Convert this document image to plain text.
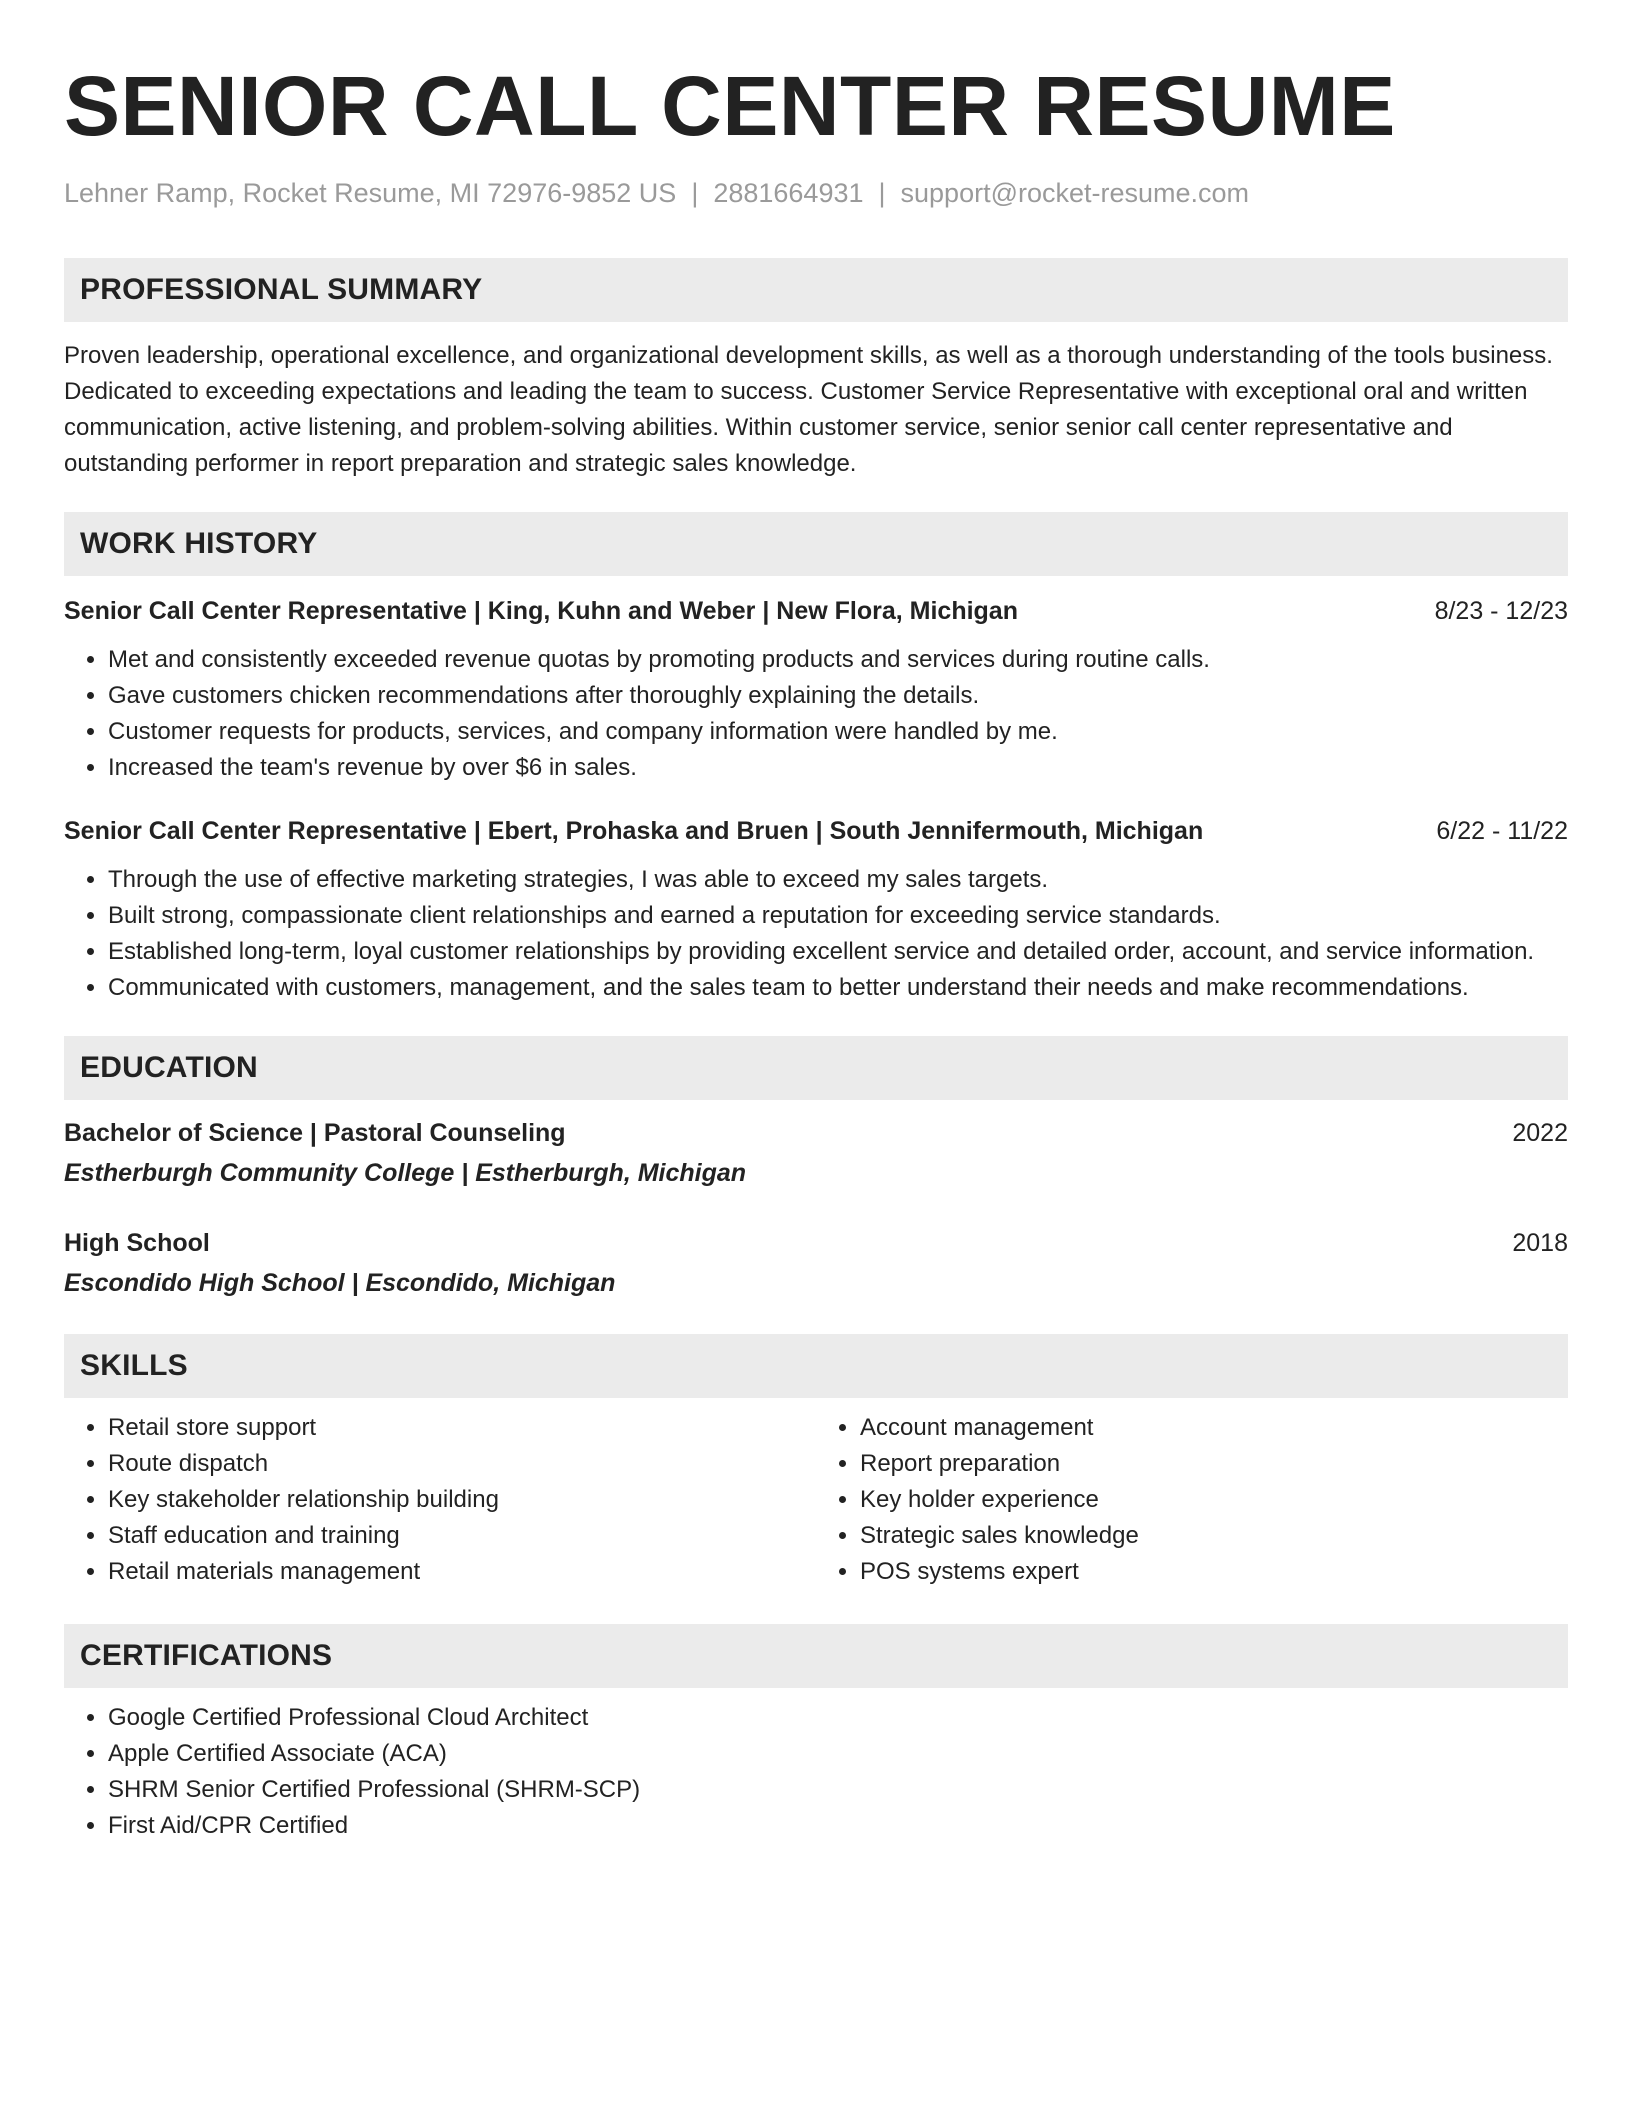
SENIOR CALL CENTER RESUME
Lehner Ramp, Rocket Resume, MI 72976-9852 US | 2881664931 | support@rocket-resume.com
PROFESSIONAL SUMMARY
Proven leadership, operational excellence, and organizational development skills, as well as a thorough understanding of the tools business. Dedicated to exceeding expectations and leading the team to success. Customer Service Representative with exceptional oral and written communication, active listening, and problem-solving abilities. Within customer service, senior senior call center representative and outstanding performer in report preparation and strategic sales knowledge.
WORK HISTORY
Senior Call Center Representative | King, Kuhn and Weber | New Flora, Michigan	8/23 - 12/23
• Met and consistently exceeded revenue quotas by promoting products and services during routine calls.
• Gave customers chicken recommendations after thoroughly explaining the details.
• Customer requests for products, services, and company information were handled by me.
• Increased the team's revenue by over $6 in sales.
Senior Call Center Representative | Ebert, Prohaska and Bruen | South Jennifermouth, Michigan	6/22 - 11/22
• Through the use of effective marketing strategies, I was able to exceed my sales targets.
• Built strong, compassionate client relationships and earned a reputation for exceeding service standards.
• Established long-term, loyal customer relationships by providing excellent service and detailed order, account, and service information.
• Communicated with customers, management, and the sales team to better understand their needs and make recommendations.
EDUCATION
Bachelor of Science | Pastoral Counseling	2022
Estherburgh Community College | Estherburgh, Michigan
High School	2018
Escondido High School | Escondido, Michigan
SKILLS
• Retail store support
• Route dispatch
• Key stakeholder relationship building
• Staff education and training
• Retail materials management
• Account management
• Report preparation
• Key holder experience
• Strategic sales knowledge
• POS systems expert
CERTIFICATIONS
• Google Certified Professional Cloud Architect
• Apple Certified Associate (ACA)
• SHRM Senior Certified Professional (SHRM-SCP)
• First Aid/CPR Certified
